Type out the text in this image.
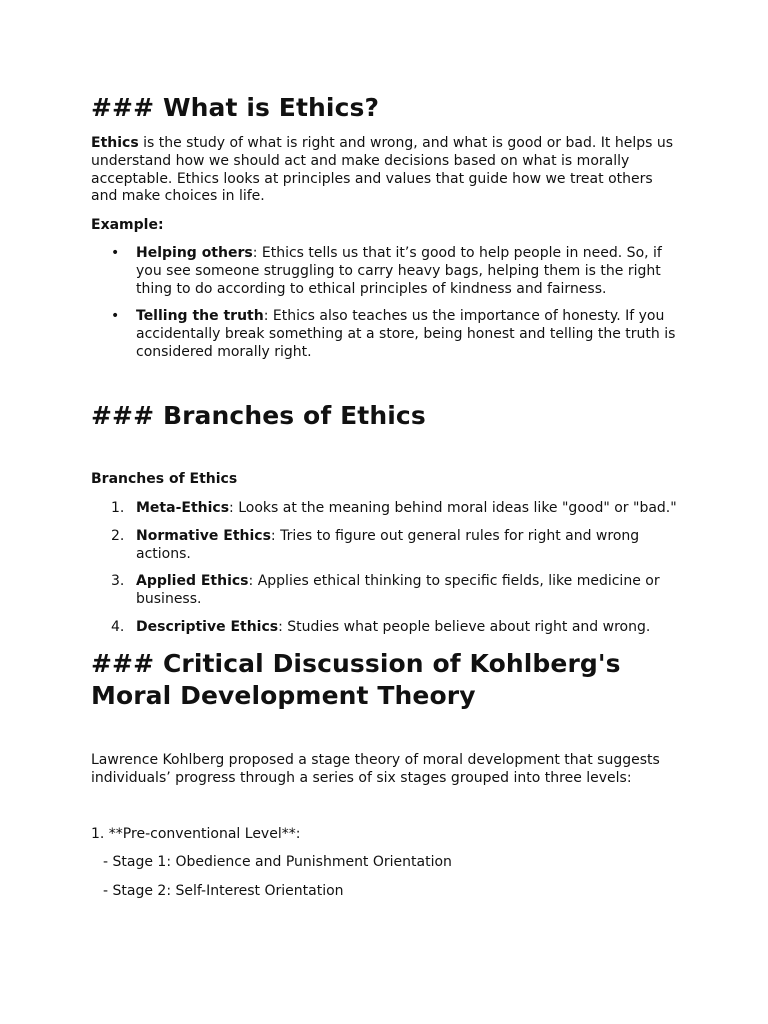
### What is Ethics?

Ethics is the study of what is right and wrong, and what is good or bad. It helps us understand how we should act and make decisions based on what is morally acceptable. Ethics looks at principles and values that guide how we treat others and make choices in life.

Example:

• Helping others: Ethics tells us that it’s good to help people in need. So, if you see someone struggling to carry heavy bags, helping them is the right thing to do according to ethical principles of kindness and fairness.
• Telling the truth: Ethics also teaches us the importance of honesty. If you accidentally break something at a store, being honest and telling the truth is considered morally right.
### Branches of Ethics

Branches of Ethics

1. Meta-Ethics: Looks at the meaning behind moral ideas like "good" or "bad."
2. Normative Ethics: Tries to figure out general rules for right and wrong actions.
3. Applied Ethics: Applies ethical thinking to specific fields, like medicine or business.
4. Descriptive Ethics: Studies what people believe about right and wrong.
### Critical Discussion of Kohlberg's Moral Development Theory

Lawrence Kohlberg proposed a stage theory of moral development that suggests individuals’ progress through a series of six stages grouped into three levels:

1. **Pre-conventional Level**:

- Stage 1: Obedience and Punishment Orientation

- Stage 2: Self-Interest Orientation
